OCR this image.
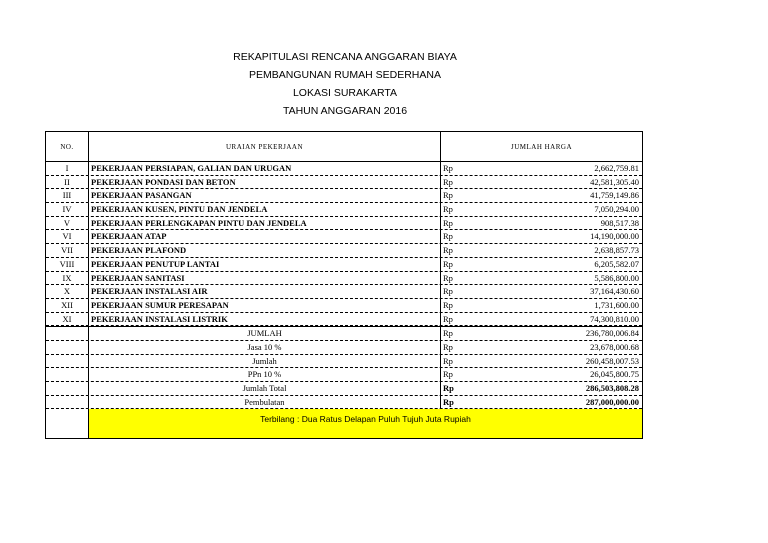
REKAPITULASI RENCANA ANGGARAN BIAYA
PEMBANGUNAN RUMAH SEDERHANA
LOKASI SURAKARTA
TAHUN ANGGARAN 2016
NO.	URAIAN PEKERJAAN	JUMLAH HARGA
I	PEKERJAAN PERSIAPAN, GALIAN DAN URUGAN	Rp	2,662,759.81
II	PEKERJAAN PONDASI DAN BETON	Rp	42,581,305.40
III	PEKERJAAN PASANGAN	Rp	41,759,149.86
IV	PEKERJAAN KUSEN, PINTU DAN JENDELA	Rp	7,050,294.00
V	PEKERJAAN PERLENGKAPAN PINTU DAN JENDELA	Rp	908,517.38
VI	PEKERJAAN ATAP	Rp	14,190,000.00
VII	PEKERJAAN PLAFOND	Rp	2,638,857.73
VIII	PEKERJAAN PENUTUP LANTAI	Rp	6,205,582.07
IX	PEKERJAAN SANITASI	Rp	5,586,800.00
X	PEKERJAAN INSTALASI AIR	Rp	37,164,430.60
XII	PEKERJAAN SUMUR PERESAPAN	Rp	1,731,600.00
XI	PEKERJAAN INSTALASI LISTRIK	Rp	74,300,810.00
JUMLAH	Rp	236,780,006.84
Jasa 10 %	Rp	23,678,000.68
Jumlah	Rp	260,458,007.53
PPn 10 %	Rp	26,045,800.75
Jumlah Total	Rp	286,503,808.28
Pembulatan	Rp	287,000,000.00
Terbilang : Dua Ratus Delapan Puluh Tujuh Juta Rupiah
